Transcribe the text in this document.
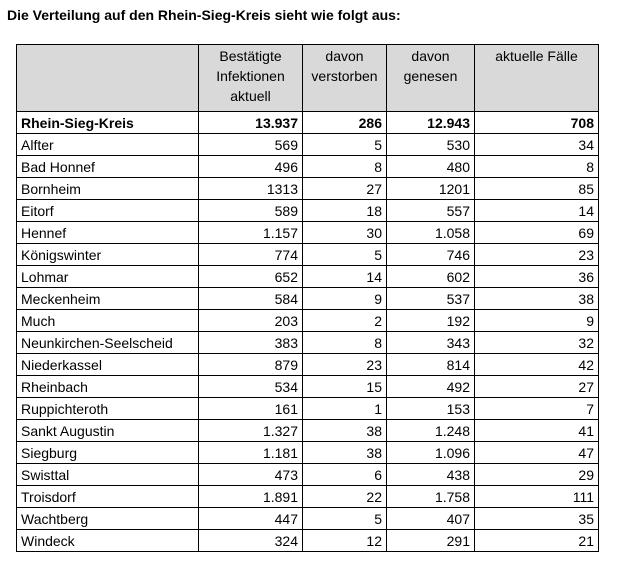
Die Verteilung auf den Rhein-Sieg-Kreis sieht wie folgt aus:
	Bestätigte Infektionen aktuell	davon verstorben	davon genesen	aktuelle Fälle
Rhein-Sieg-Kreis	13.937	286	12.943	708
Alfter	569	5	530	34
Bad Honnef	496	8	480	8
Bornheim	1313	27	1201	85
Eitorf	589	18	557	14
Hennef	1.157	30	1.058	69
Königswinter	774	5	746	23
Lohmar	652	14	602	36
Meckenheim	584	9	537	38
Much	203	2	192	9
Neunkirchen-Seelscheid	383	8	343	32
Niederkassel	879	23	814	42
Rheinbach	534	15	492	27
Ruppichteroth	161	1	153	7
Sankt Augustin	1.327	38	1.248	41
Siegburg	1.181	38	1.096	47
Swisttal	473	6	438	29
Troisdorf	1.891	22	1.758	111
Wachtberg	447	5	407	35
Windeck	324	12	291	21
